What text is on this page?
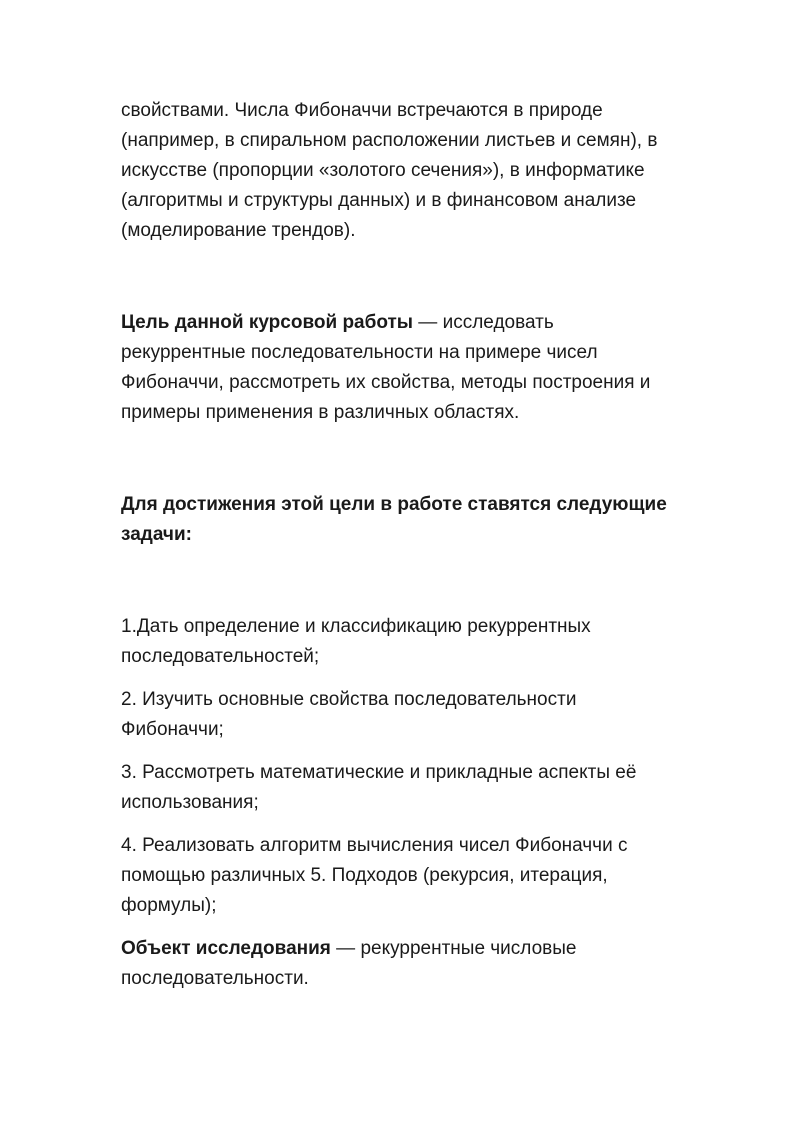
свойствами. Числа Фибоначчи встречаются в природе
(например, в спиральном расположении листьев и семян), в
искусстве (пропорции «золотого сечения»), в информатике
(алгоритмы и структуры данных) и в финансовом анализе
(моделирование трендов).

Цель данной курсовой работы — исследовать
рекуррентные последовательности на примере чисел
Фибоначчи, рассмотреть их свойства, методы построения и
примеры применения в различных областях.

Для достижения этой цели в работе ставятся следующие
задачи:

1.Дать определение и классификацию рекуррентных
последовательностей;

2. Изучить основные свойства последовательности
Фибоначчи;

3. Рассмотреть математические и прикладные аспекты её
использования;

4. Реализовать алгоритм вычисления чисел Фибоначчи с
помощью различных 5. Подходов (рекурсия, итерация,
формулы);

Объект исследования — рекуррентные числовые
последовательности.
